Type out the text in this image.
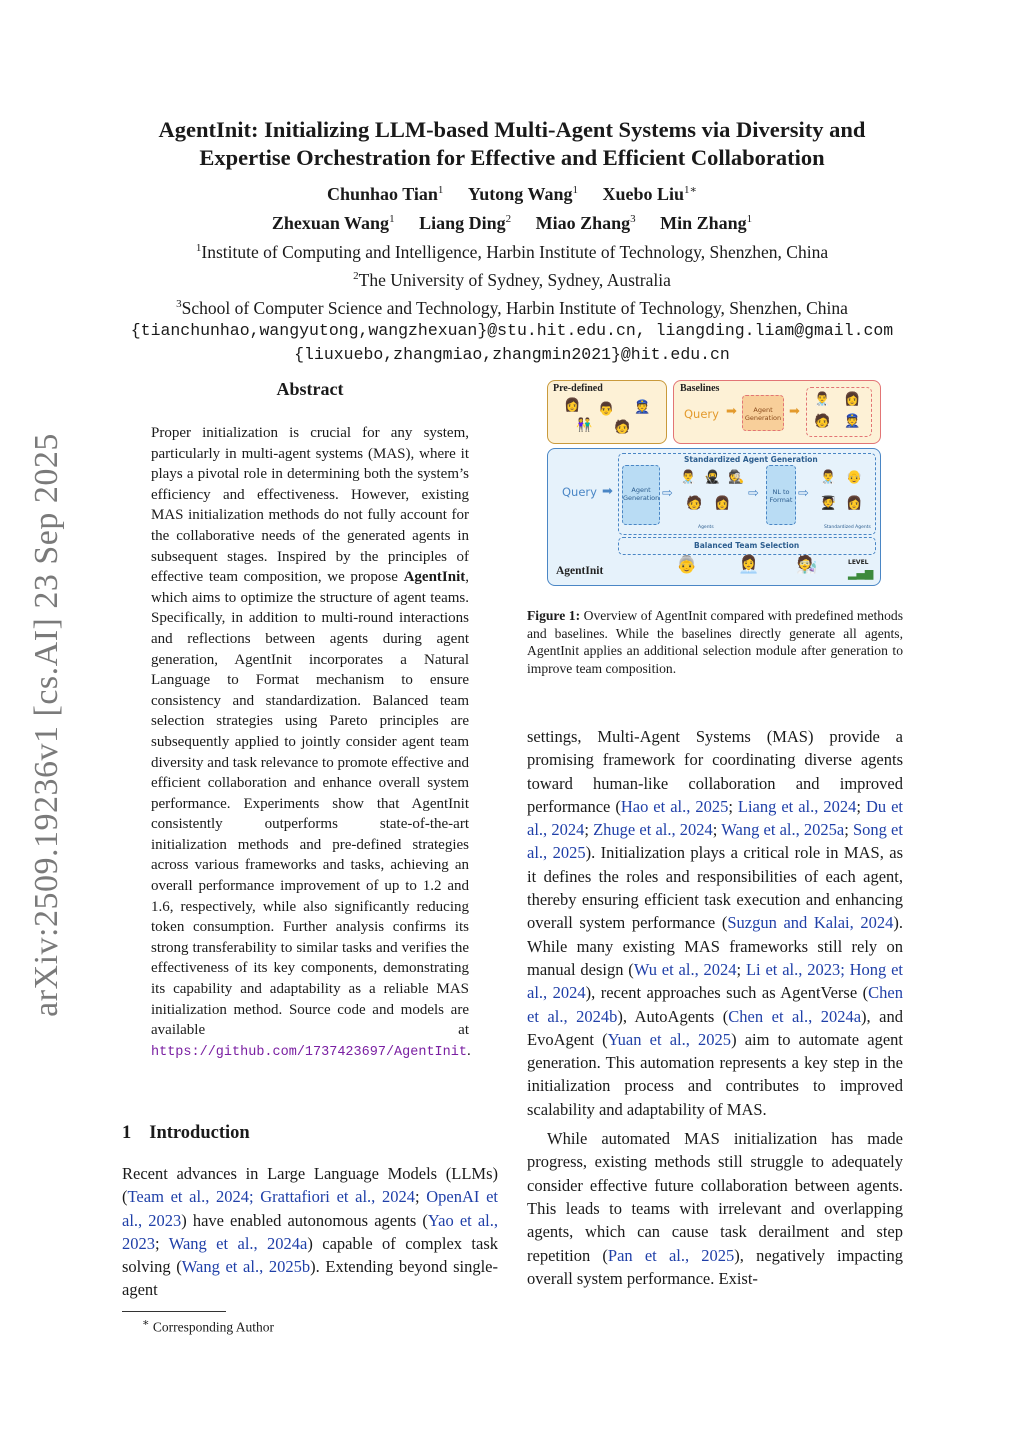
arXiv:2509.19236v1 [cs.AI] 23 Sep 2025
AgentInit: Initializing LLM-based Multi-Agent Systems via Diversity and
Expertise Orchestration for Effective and Efficient Collaboration
Chunhao Tian$^1$ Yutong Wang$^1$ Xuebo Liu$^{1∗}$
Zhexuan Wang$^1$ Liang Ding$^2$ Miao Zhang$^3$ Min Zhang$^1$
$^1$Institute of Computing and Intelligence, Harbin Institute of Technology, Shenzhen, China
$^2$The University of Sydney, Sydney, Australia
$^3$School of Computer Science and Technology, Harbin Institute of Technology, Shenzhen, China
{tianchunhao,wangyutong,wangzhexuan}@stu.hit.edu.cn, liangding.liam@gmail.com
{liuxuebo,zhangmiao,zhangmin2021}@hit.edu.cn
Abstract
Proper initialization is crucial for any system, particularly in multi-agent systems (MAS), where it plays a pivotal role in determining both the system’s efficiency and effectiveness. However, existing MAS initialization methods do not fully account for the collaborative needs of the generated agents in subsequent stages. Inspired by the principles of effective team composition, we propose AgentInit, which aims to optimize the structure of agent teams. Specifically, in addition to multi-round interactions and reflections between agents during agent generation, AgentInit incorporates a Natural Language to Format mechanism to ensure consistency and standardization. Balanced team selection strategies using Pareto principles are subsequently applied to jointly consider agent team diversity and task relevance to promote effective and efficient collaboration and enhance overall system performance. Experiments show that AgentInit consistently outperforms state-of-the-art initialization methods and pre-defined strategies across various frameworks and tasks, achieving an overall performance improvement of up to 1.2 and 1.6, respectively, while also significantly reducing token consumption. Further analysis confirms its strong transferability to similar tasks and verifies the effectiveness of its key components, demonstrating its capability and adaptability as a reliable MAS initialization method. Source code and models are available at https://github.com/1737423697/AgentInit.
1 Introduction

Recent advances in Large Language Models (LLMs) (Team et al., 2024; Grattafiori et al., 2024; OpenAI et al., 2023) have enabled autonomous agents (Yao et al., 2023; Wang et al., 2024a) capable of complex task solving (Wang et al., 2025b). Extending beyond single-agent

∗ Corresponding Author
Pre-defined
👩 👨 👮
👫 🧑
Baselines
Query ➡	Agent Generation ➡
👨‍⚕️ 👩
🧑 👮
Query ➡
Standardized Agent Generation
Agent Generation ⇨
👨‍⚕️ 🥷 🕵️
🧑 👩
Agents
⇨	NL to Format ⇨
👨‍⚕️ 👴
🧑‍🎓 👩
Standardized Agents
Balanced Team Selection
AgentInit	👵 👩‍💼 🧑‍🔬	LEVEL
▂▄▆
Figure 1: Overview of AgentInit compared with predefined methods and baselines. While the baselines directly generate all agents, AgentInit applies an additional selection module after generation to improve team composition.

settings, Multi-Agent Systems (MAS) provide a promising framework for coordinating diverse agents toward human-like collaboration and improved performance (Hao et al., 2025; Liang et al., 2024; Du et al., 2024; Zhuge et al., 2024; Wang et al., 2025a; Song et al., 2025). Initialization plays a critical role in MAS, as it defines the roles and responsibilities of each agent, thereby ensuring efficient task execution and enhancing overall system performance (Suzgun and Kalai, 2024). While many existing MAS frameworks still rely on manual design (Wu et al., 2024; Li et al., 2023; Hong et al., 2024), recent approaches such as AgentVerse (Chen et al., 2024b), AutoAgents (Chen et al., 2024a), and EvoAgent (Yuan et al., 2025) aim to automate agent generation. This automation represents a key step in the initialization process and contributes to improved scalability and adaptability of MAS.

While automated MAS initialization has made progress, existing methods still struggle to adequately consider effective future collaboration between agents. This leads to teams with irrelevant and overlapping agents, which can cause task derailment and step repetition (Pan et al., 2025), negatively impacting overall system performance. Exist-
